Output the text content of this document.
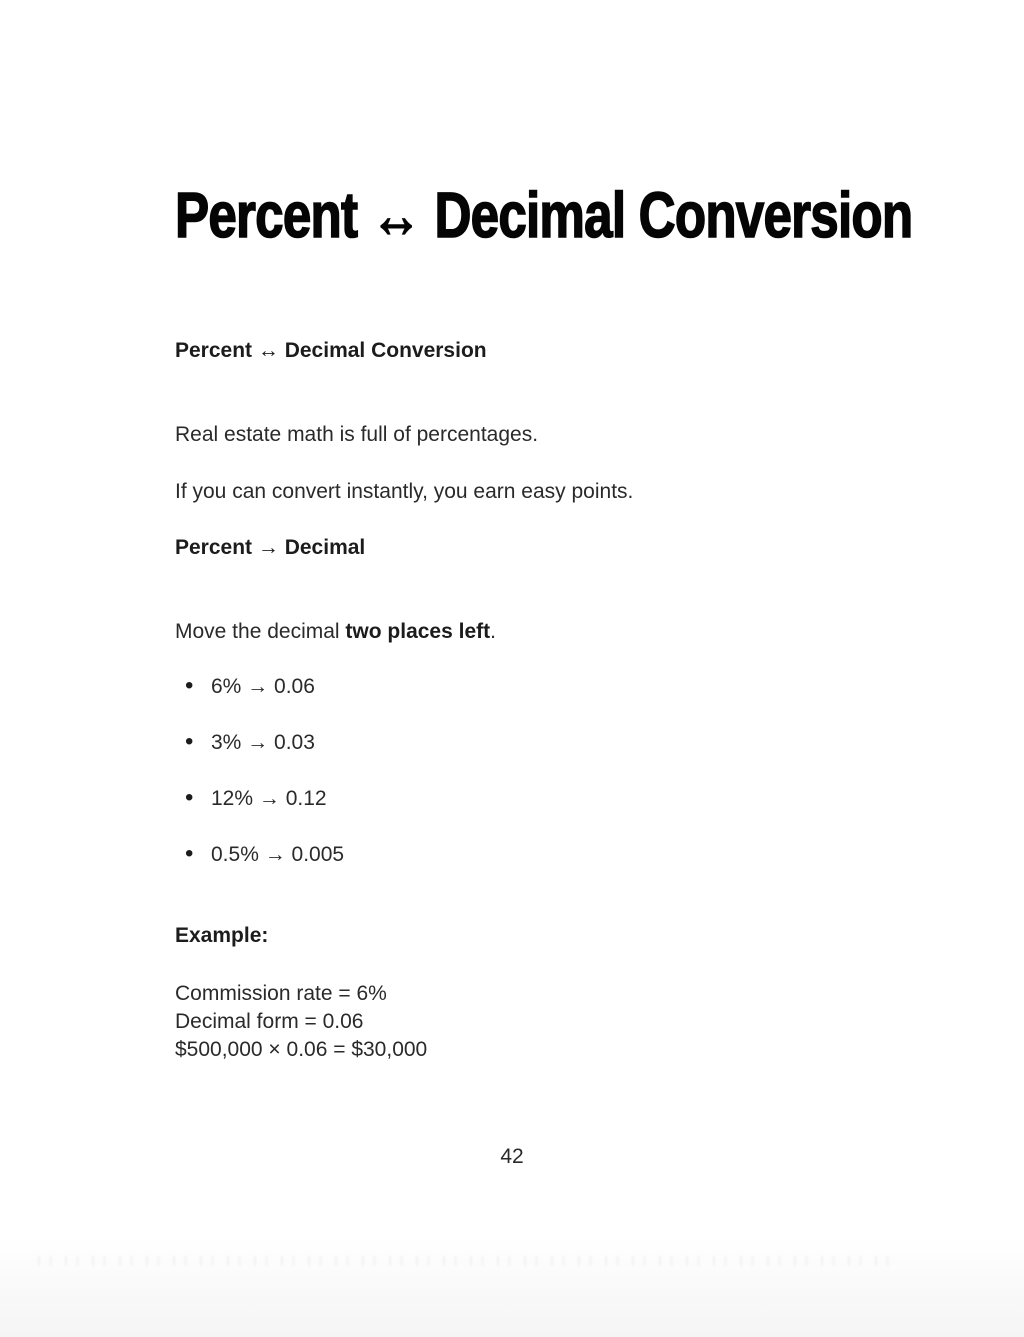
Percent ↔ Decimal Conversion
Percent ↔ Decimal Conversion

Real estate math is full of percentages.

If you can convert instantly, you earn easy points.

Percent → Decimal

Move the decimal two places left.

• 6% → 0.06
• 3% → 0.03
• 12% → 0.12
• 0.5% → 0.005
Example:
Commission rate = 6%
Decimal form = 0.06
$500,000 × 0.06 = $30,000
42
